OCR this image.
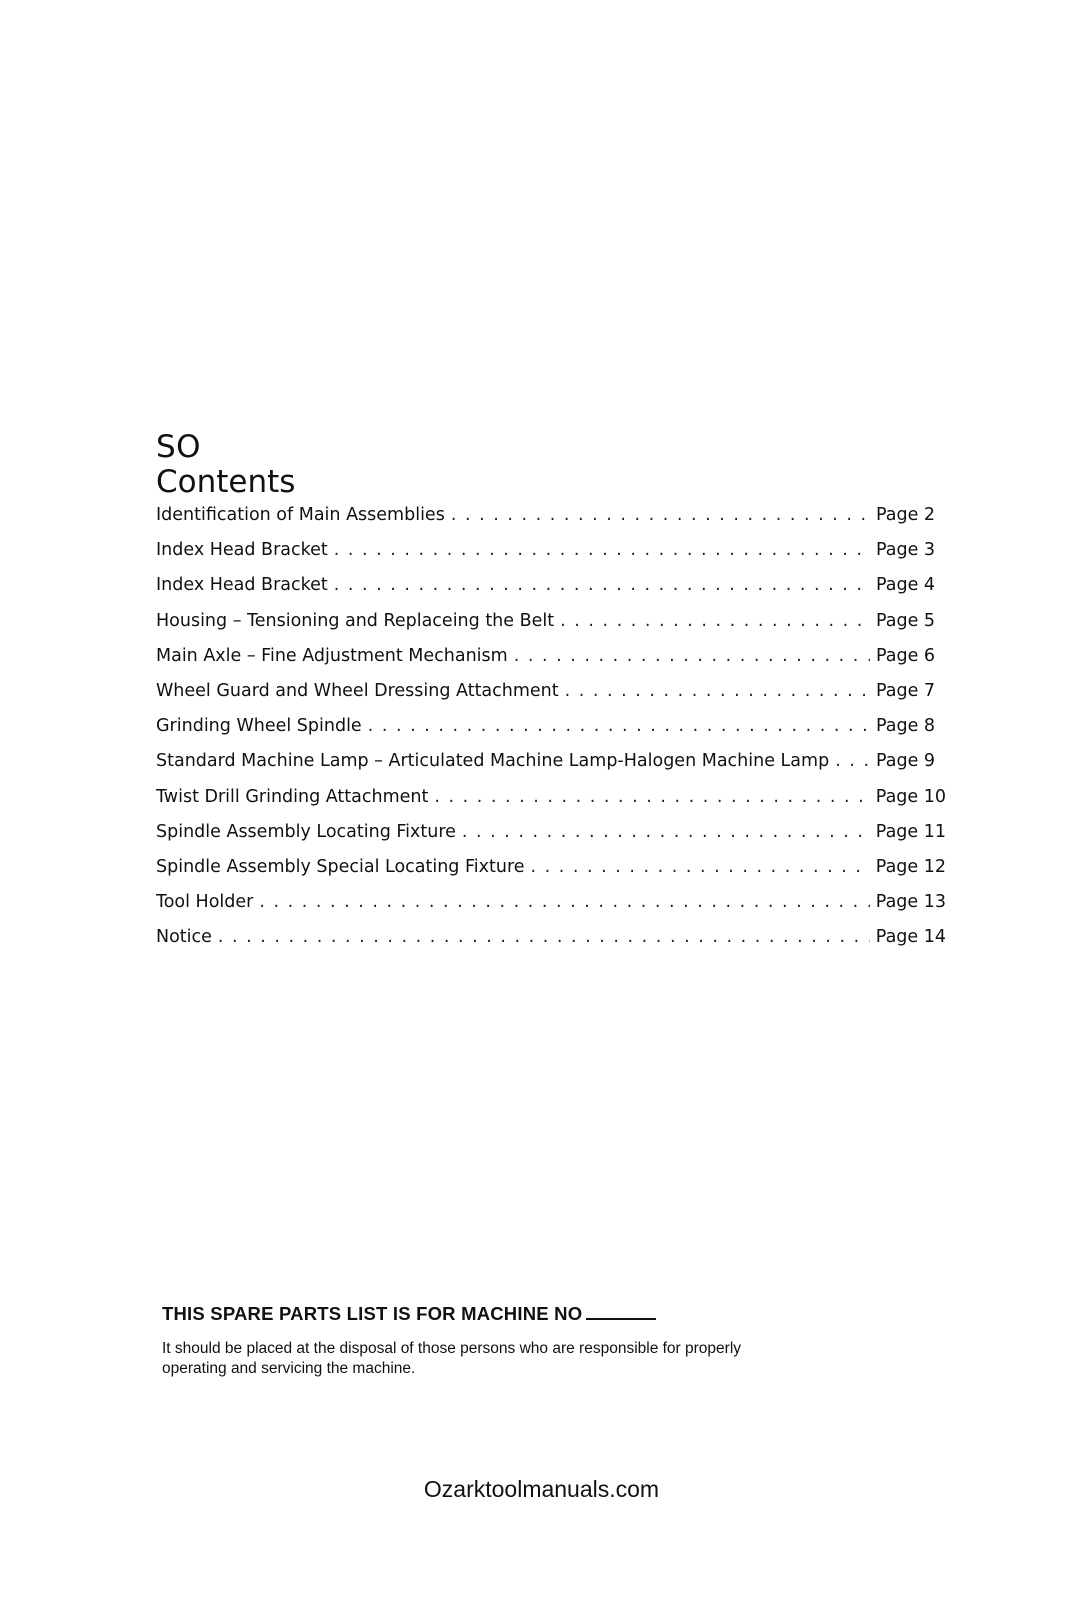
SO
Contents
Identification of Main Assemblies . . .	Page 2
Index Head Bracket . . .	Page 3
Index Head Bracket . . .	Page 4
Housing – Tensioning and Replaceing the Belt . . .	Page 5
Main Axle – Fine Adjustment Mechanism . . .	Page 6
Wheel Guard and Wheel Dressing Attachment . . .	Page 7
Grinding Wheel Spindle . . .	Page 8
Standard Machine Lamp – Articulated Machine Lamp-Halogen Machine Lamp . . .	Page 9
Twist Drill Grinding Attachment . . .	Page 10
Spindle Assembly Locating Fixture . . .	Page 11
Spindle Assembly Special Locating Fixture . . .	Page 12
Tool Holder . . .	Page 13
Notice . . .	Page 14

THIS SPARE PARTS LIST IS FOR MACHINE NO

It should be placed at the disposal of those persons who are responsible for properly operating and servicing the machine.

Ozarktoolmanuals.com
